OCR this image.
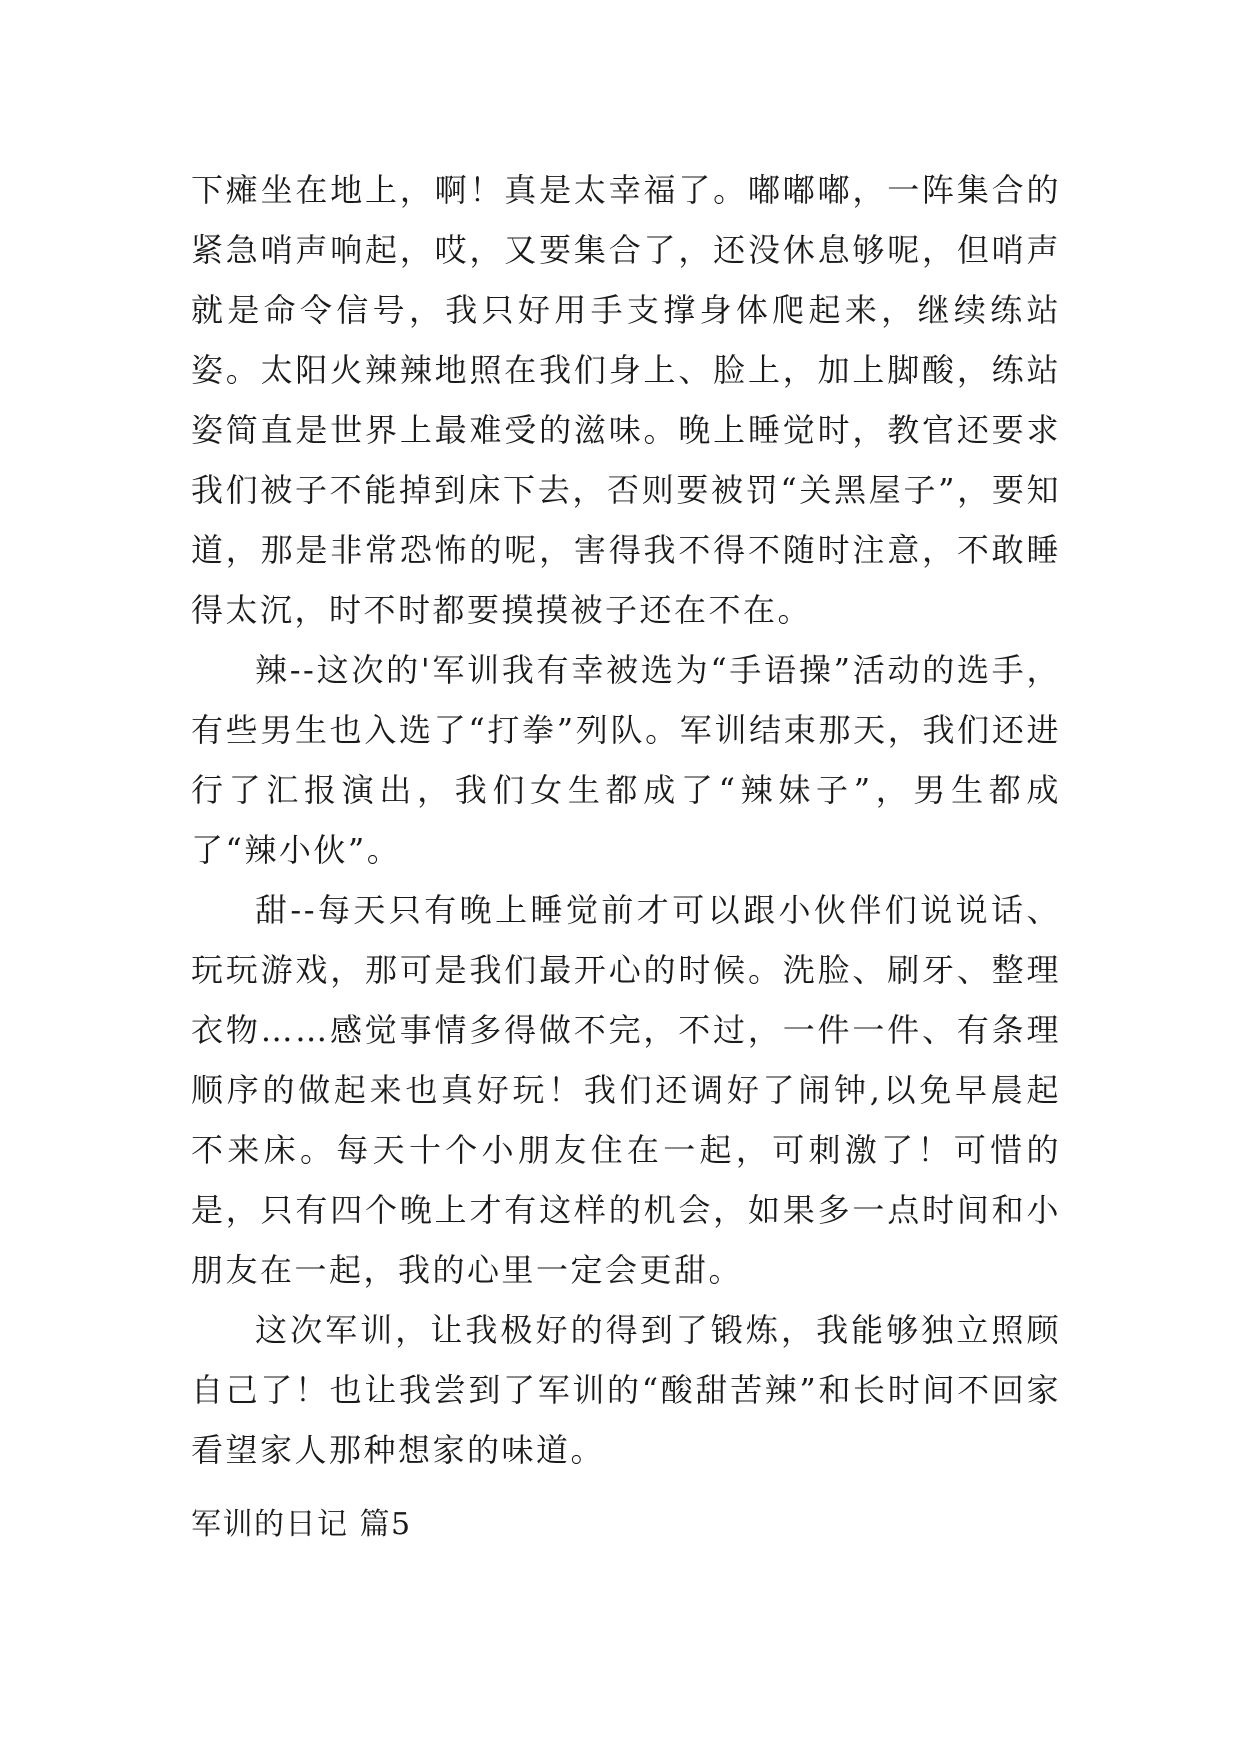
下瘫坐在地上，啊！真是太幸福了。嘟嘟嘟，一阵集合的紧急哨声响起，哎，又要集合了，还没休息够呢，但哨声就是命令信号，我只好用手支撑身体爬起来，继续练站姿。太阳火辣辣地照在我们身上、脸上，加上脚酸，练站姿简直是世界上最难受的滋味。晚上睡觉时，教官还要求我们被子不能掉到床下去，否则要被罚“关黑屋子”，要知道，那是非常恐怖的呢，害得我不得不随时注意，不敢睡得太沉，时不时都要摸摸被子还在不在。

辣--这次的'军训我有幸被选为“手语操”活动的选手，有些男生也入选了“打拳”列队。军训结束那天，我们还进行了汇报演出，我们女生都成了“辣妹子”，男生都成了“辣小伙”。

甜--每天只有晚上睡觉前才可以跟小伙伴们说说话、玩玩游戏，那可是我们最开心的时候。洗脸、刷牙、整理衣物……感觉事情多得做不完，不过，一件一件、有条理顺序的做起来也真好玩！我们还调好了闹钟,以免早晨起不来床。每天十个小朋友住在一起，可刺激了！可惜的是，只有四个晚上才有这样的机会，如果多一点时间和小朋友在一起，我的心里一定会更甜。

这次军训，让我极好的得到了锻炼，我能够独立照顾自己了！也让我尝到了军训的“酸甜苦辣”和长时间不回家看望家人那种想家的味道。

军训的日记 篇5
